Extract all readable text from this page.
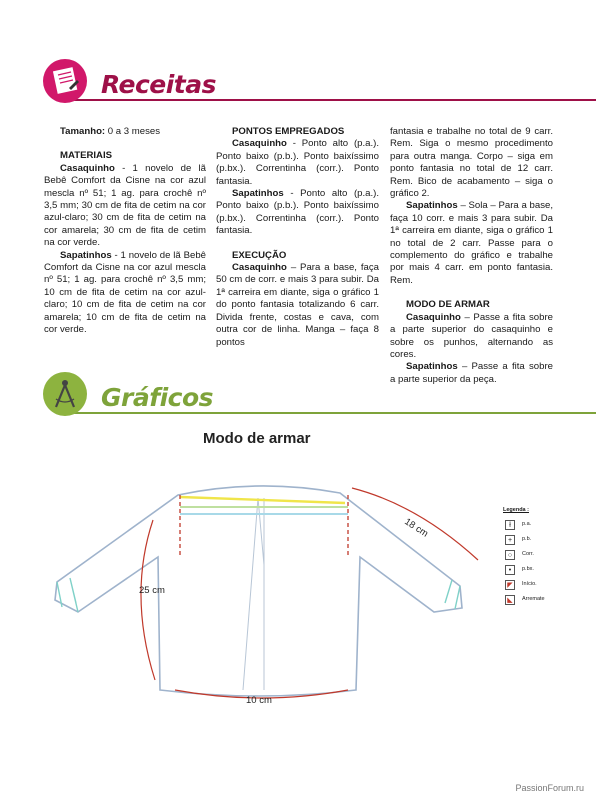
Receitas

Tamanho: 0 a 3 meses

MATERIAIS

Casaquinho - 1 novelo de lã Bebê Comfort da Cisne na cor azul mescla nº 51; 1 ag. para crochê nº 3,5 mm; 30 cm de fita de cetim na cor azul-claro; 30 cm de fita de cetim na cor amarela; 30 cm de fita de cetim na cor verde.

Sapatinhos - 1 novelo de lã Bebê Comfort da Cisne na cor azul mescla nº 51; 1 ag. para crochê nº 3,5 mm; 10 cm de fita de cetim na cor azul-claro; 10 cm de fita de cetim na cor amarela; 10 cm de fita de cetim na cor verde.

PONTOS EMPREGADOS

Casaquinho - Ponto alto (p.a.). Ponto baixo (p.b.). Ponto baixíssimo (p.bx.). Correntinha (corr.). Ponto fantasia.

Sapatinhos - Ponto alto (p.a.). Ponto baixo (p.b.). Ponto baixíssimo (p.bx.). Correntinha (corr.). Ponto fantasia.

EXECUÇÃO

Casaquinho – Para a base, faça 50 cm de corr. e mais 3 para subir. Da 1ª carreira em diante, siga o gráfico 1 do ponto fantasia totalizando 6 carr. Divida frente, costas e cava, com outra cor de linha. Manga – faça 8 pontos

fantasia e trabalhe no total de 9 carr. Rem. Siga o mesmo procedimento para outra manga. Corpo – siga em ponto fantasia no total de 12 carr. Rem. Bico de acabamento – siga o gráfico 2.

Sapatinhos – Sola – Para a base, faça 10 corr. e mais 3 para subir. Da 1ª carreira em diante, siga o gráfico 1 no total de 2 carr. Passe para o complemento do gráfico e trabalhe por mais 4 carr. em ponto fantasia. Rem.

MODO DE ARMAR

Casaquinho – Passe a fita sobre a parte superior do casaquinho e sobre os punhos, alternando as cores.

Sapatinhos – Passe a fita sobre a parte superior da peça.

Gráficos
Modo de armar
18 cm
25 cm
10 cm
Legenda :
ł	p.a.
+	p.b.
○	Corr.
•	p.bx.
◤	Início.
◣	Arremate
PassionForum.ru
